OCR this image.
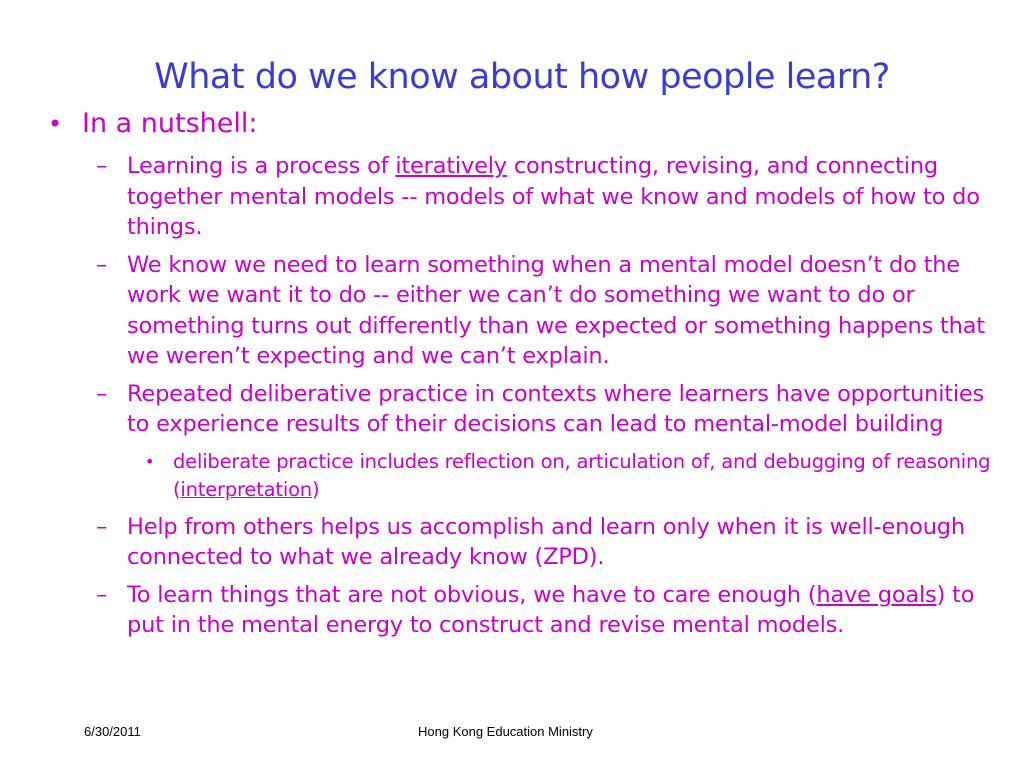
What do we know about how people learn?
• In a nutshell:
– Learning is a process of iteratively constructing, revising, and connecting together mental models -- models of what we know and models of how to do things.
– We know we need to learn something when a mental model doesn’t do the work we want it to do -- either we can’t do something we want to do or something turns out differently than we expected or something happens that we weren’t expecting and we can’t explain.
– Repeated deliberative practice in contexts where learners have opportunities to experience results of their decisions can lead to mental-model building
• deliberate practice includes reflection on, articulation of, and debugging of reasoning (interpretation)
– Help from others helps us accomplish and learn only when it is well-enough connected to what we already know (ZPD).
– To learn things that are not obvious, we have to care enough (have goals) to put in the mental energy to construct and revise mental models.
6/30/2011	Hong Kong Education Ministry
